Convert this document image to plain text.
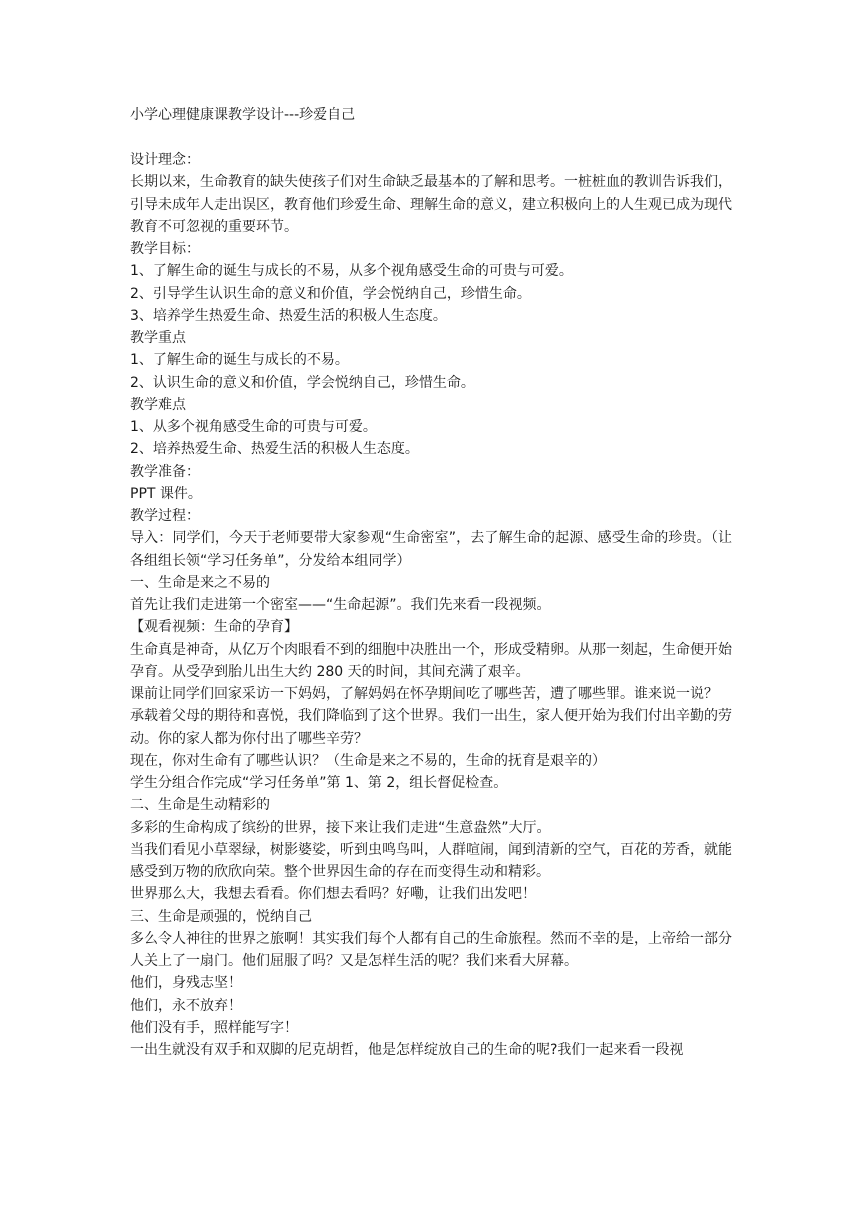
小学心理健康课教学设计---珍爱自己

设计理念：

长期以来，生命教育的缺失使孩子们对生命缺乏最基本的了解和思考。一桩桩血的教训告诉我们，引导未成年人走出误区，教育他们珍爱生命、理解生命的意义，建立积极向上的人生观已成为现代教育不可忽视的重要环节。

教学目标：

1、了解生命的诞生与成长的不易，从多个视角感受生命的可贵与可爱。

2、引导学生认识生命的意义和价值，学会悦纳自己，珍惜生命。

3、培养学生热爱生命、热爱生活的积极人生态度。

教学重点

1、了解生命的诞生与成长的不易。

2、认识生命的意义和价值，学会悦纳自己，珍惜生命。

教学难点

1、从多个视角感受生命的可贵与可爱。

2、培养热爱生命、热爱生活的积极人生态度。

教学准备：

PPT 课件。

教学过程：

导入：同学们，今天于老师要带大家参观“生命密室”，去了解生命的起源、感受生命的珍贵。（让各组组长领“学习任务单”，分发给本组同学）

一、生命是来之不易的

首先让我们走进第一个密室——“生命起源”。我们先来看一段视频。

【观看视频：生命的孕育】

生命真是神奇，从亿万个肉眼看不到的细胞中决胜出一个，形成受精卵。从那一刻起，生命便开始孕育。从受孕到胎儿出生大约 280 天的时间，其间充满了艰辛。

课前让同学们回家采访一下妈妈，了解妈妈在怀孕期间吃了哪些苦，遭了哪些罪。谁来说一说？

承载着父母的期待和喜悦，我们降临到了这个世界。我们一出生，家人便开始为我们付出辛勤的劳动。你的家人都为你付出了哪些辛劳？

现在，你对生命有了哪些认识？（生命是来之不易的，生命的抚育是艰辛的）

学生分组合作完成“学习任务单”第 1、第 2，组长督促检查。

二、生命是生动精彩的

多彩的生命构成了缤纷的世界，接下来让我们走进“生意盎然”大厅。

当我们看见小草翠绿，树影婆娑，听到虫鸣鸟叫，人群喧闹，闻到清新的空气，百花的芳香，就能感受到万物的欣欣向荣。整个世界因生命的存在而变得生动和精彩。

世界那么大，我想去看看。你们想去看吗？好嘞，让我们出发吧！

三、生命是顽强的，悦纳自己

多么令人神往的世界之旅啊！其实我们每个人都有自己的生命旅程。然而不幸的是，上帝给一部分人关上了一扇门。他们屈服了吗？又是怎样生活的呢？我们来看大屏幕。

他们，身残志坚！

他们，永不放弃！

他们没有手，照样能写字！

一出生就没有双手和双脚的尼克胡哲，他是怎样绽放自己的生命的呢?我们一起来看一段视
